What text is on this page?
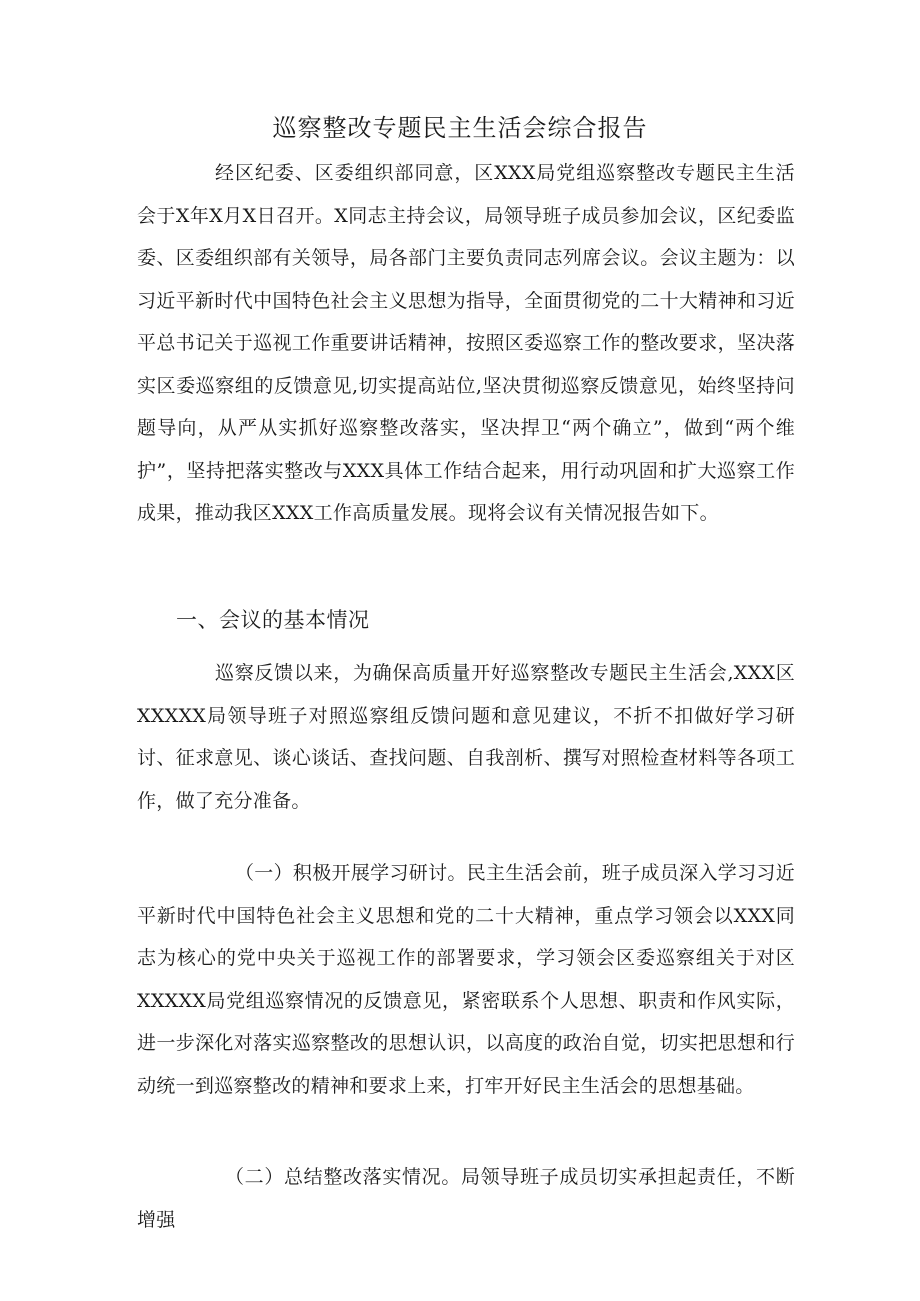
巡察整改专题民主生活会综合报告
经区纪委、区委组织部同意，区XXX局党组巡察整改专题民主生活会于X年X月X日召开。X同志主持会议，局领导班子成员参加会议，区纪委监委、区委组织部有关领导，局各部门主要负责同志列席会议。会议主题为：以习近平新时代中国特色社会主义思想为指导，全面贯彻党的二十大精神和习近平总书记关于巡视工作重要讲话精神，按照区委巡察工作的整改要求，坚决落实区委巡察组的反馈意见,切实提高站位,坚决贯彻巡察反馈意见，始终坚持问题导向，从严从实抓好巡察整改落实，坚决捍卫“两个确立”，做到“两个维护”，坚持把落实整改与XXX具体工作结合起来，用行动巩固和扩大巡察工作成果，推动我区XXX工作高质量发展。现将会议有关情况报告如下。
一、会议的基本情况
巡察反馈以来，为确保高质量开好巡察整改专题民主生活会,XXX区XXXXX局领导班子对照巡察组反馈问题和意见建议，不折不扣做好学习研讨、征求意见、谈心谈话、查找问题、自我剖析、撰写对照检查材料等各项工作，做了充分准备。
（一）积极开展学习研讨。民主生活会前，班子成员深入学习习近平新时代中国特色社会主义思想和党的二十大精神，重点学习领会以XXX同志为核心的党中央关于巡视工作的部署要求，学习领会区委巡察组关于对区XXXXX局党组巡察情况的反馈意见，紧密联系个人思想、职责和作风实际，进一步深化对落实巡察整改的思想认识，以高度的政治自觉，切实把思想和行动统一到巡察整改的精神和要求上来，打牢开好民主生活会的思想基础。
（二）总结整改落实情况。局领导班子成员切实承担起责任，不断增强
